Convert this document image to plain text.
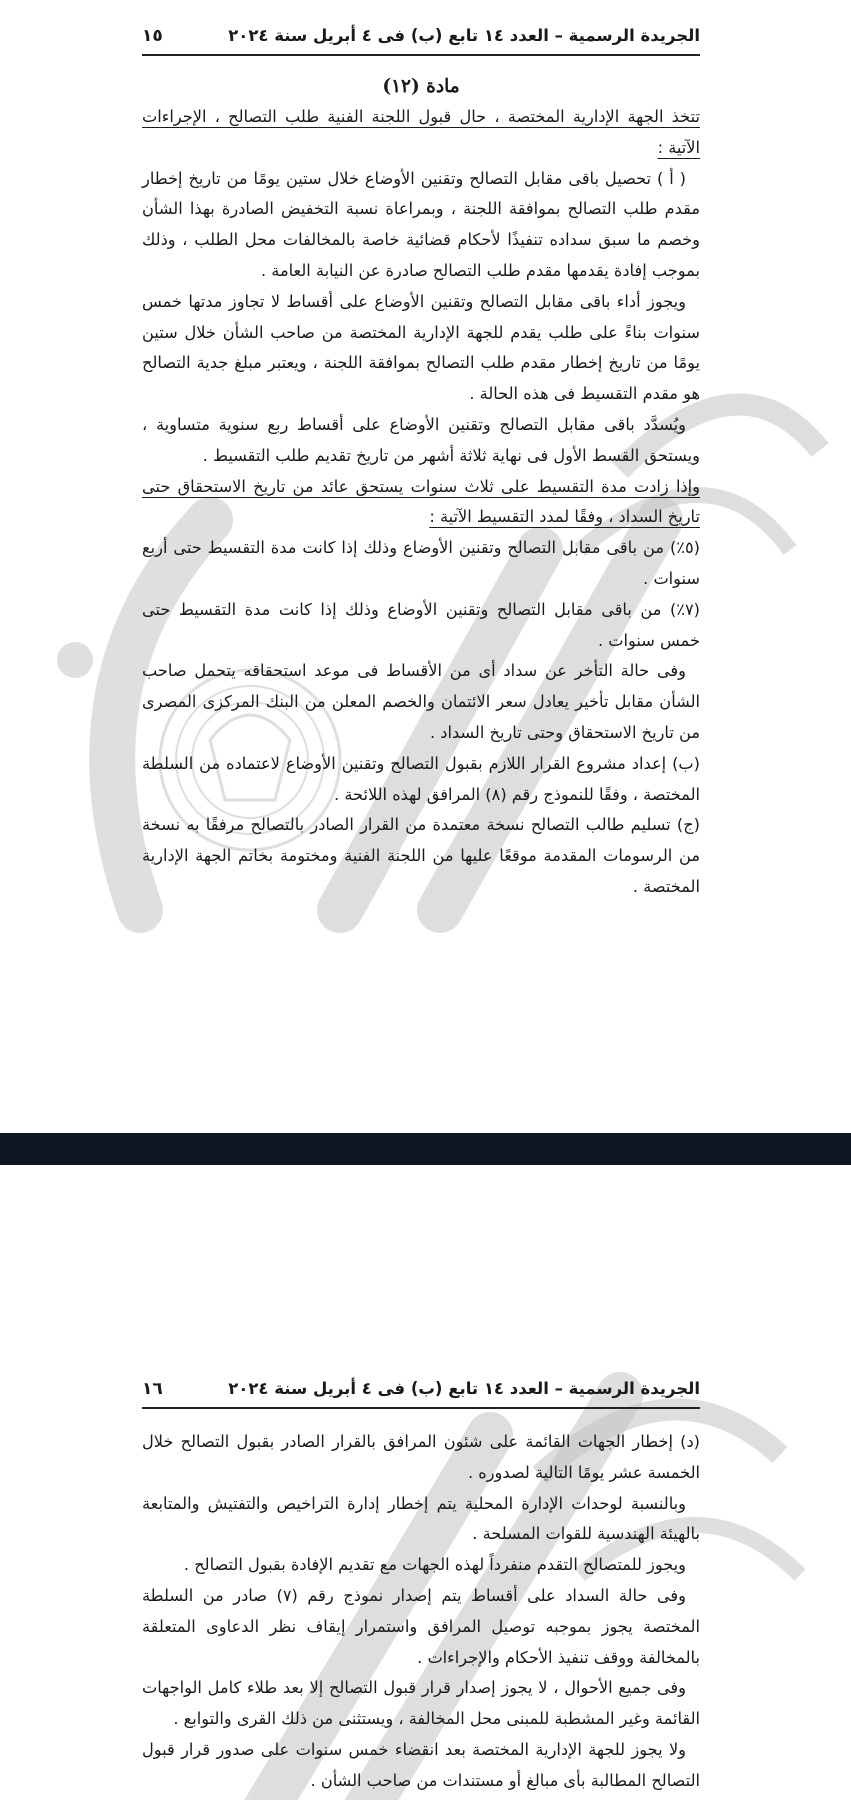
الجريدة الرسمية – العدد ١٤ تابع (ب) فى ٤ أبريل سنة ٢٠٢٤
١٥

مادة (١٢)

تتخذ الجهة الإدارية المختصة ، حال قبول اللجنة الفنية طلب التصالح ، الإجراءات الآتية :

( أ ) تحصيل باقى مقابل التصالح وتقنين الأوضاع خلال ستين يومًا من تاريخ إخطار مقدم طلب التصالح بموافقة اللجنة ، وبمراعاة نسبة التخفيض الصادرة بهذا الشأن وخصم ما سبق سداده تنفيذًا لأحكام قضائية خاصة بالمخالفات محل الطلب ، وذلك بموجب إفادة يقدمها مقدم طلب التصالح صادرة عن النيابة العامة .

ويجوز أداء باقى مقابل التصالح وتقنين الأوضاع على أقساط لا تجاوز مدتها خمس سنوات بناءً على طلب يقدم للجهة الإدارية المختصة من صاحب الشأن خلال ستين يومًا من تاريخ إخطار مقدم طلب التصالح بموافقة اللجنة ، ويعتبر مبلغ جدية التصالح هو مقدم التقسيط فى هذه الحالة .

ويُسدَّد باقى مقابل التصالح وتقنين الأوضاع على أقساط ربع سنوية متساوية ، ويستحق القسط الأول فى نهاية ثلاثة أشهر من تاريخ تقديم طلب التقسيط .

وإذا زادت مدة التقسيط على ثلاث سنوات يستحق عائد من تاريخ الاستحقاق حتى تاريخ السداد ، وفقًا لمدد التقسيط الآتية :

(٥٪) من باقى مقابل التصالح وتقنين الأوضاع وذلك إذا كانت مدة التقسيط حتى أربع سنوات .

(٧٪) من باقى مقابل التصالح وتقنين الأوضاع وذلك إذا كانت مدة التقسيط حتى خمس سنوات .

وفى حالة التأخر عن سداد أى من الأقساط فى موعد استحقاقه يتحمل صاحب الشأن مقابل تأخير يعادل سعر الائتمان والخصم المعلن من البنك المركزى المصرى من تاريخ الاستحقاق وحتى تاريخ السداد .

(ب) إعداد مشروع القرار اللازم بقبول التصالح وتقنين الأوضاع لاعتماده من السلطة المختصة ، وفقًا للنموذج رقم (٨) المرافق لهذه اللائحة .

(ج) تسليم طالب التصالح نسخة معتمدة من القرار الصادر بالتصالح مرفقًا به نسخة من الرسومات المقدمة موقعًا عليها من اللجنة الفنية ومختومة بخاتم الجهة الإدارية المختصة .

الجريدة الرسمية – العدد ١٤ تابع (ب) فى ٤ أبريل سنة ٢٠٢٤
١٦

(د) إخطار الجهات القائمة على شئون المرافق بالقرار الصادر بقبول التصالح خلال الخمسة عشر يومًا التالية لصدوره .

وبالنسبة لوحدات الإدارة المحلية يتم إخطار إدارة التراخيص والتفتيش والمتابعة بالهيئة الهندسية للقوات المسلحة .

ويجوز للمتصالح التقدم منفرداً لهذه الجهات مع تقديم الإفادة بقبول التصالح .

وفى حالة السداد على أقساط يتم إصدار نموذج رقم (٧) صادر من السلطة المختصة يجوز بموجبه توصيل المرافق واستمرار إيقاف نظر الدعاوى المتعلقة بالمخالفة ووقف تنفيذ الأحكام والإجراءات .

وفى جميع الأحوال ، لا يجوز إصدار قرار قبول التصالح إلا بعد طلاء كامل الواجهات القائمة وغير المشطبة للمبنى محل المخالفة ، ويستثنى من ذلك القرى والتوابع .

ولا يجوز للجهة الإدارية المختصة بعد انقضاء خمس سنوات على صدور قرار قبول التصالح المطالبة بأى مبالغ أو مستندات من صاحب الشأن .
